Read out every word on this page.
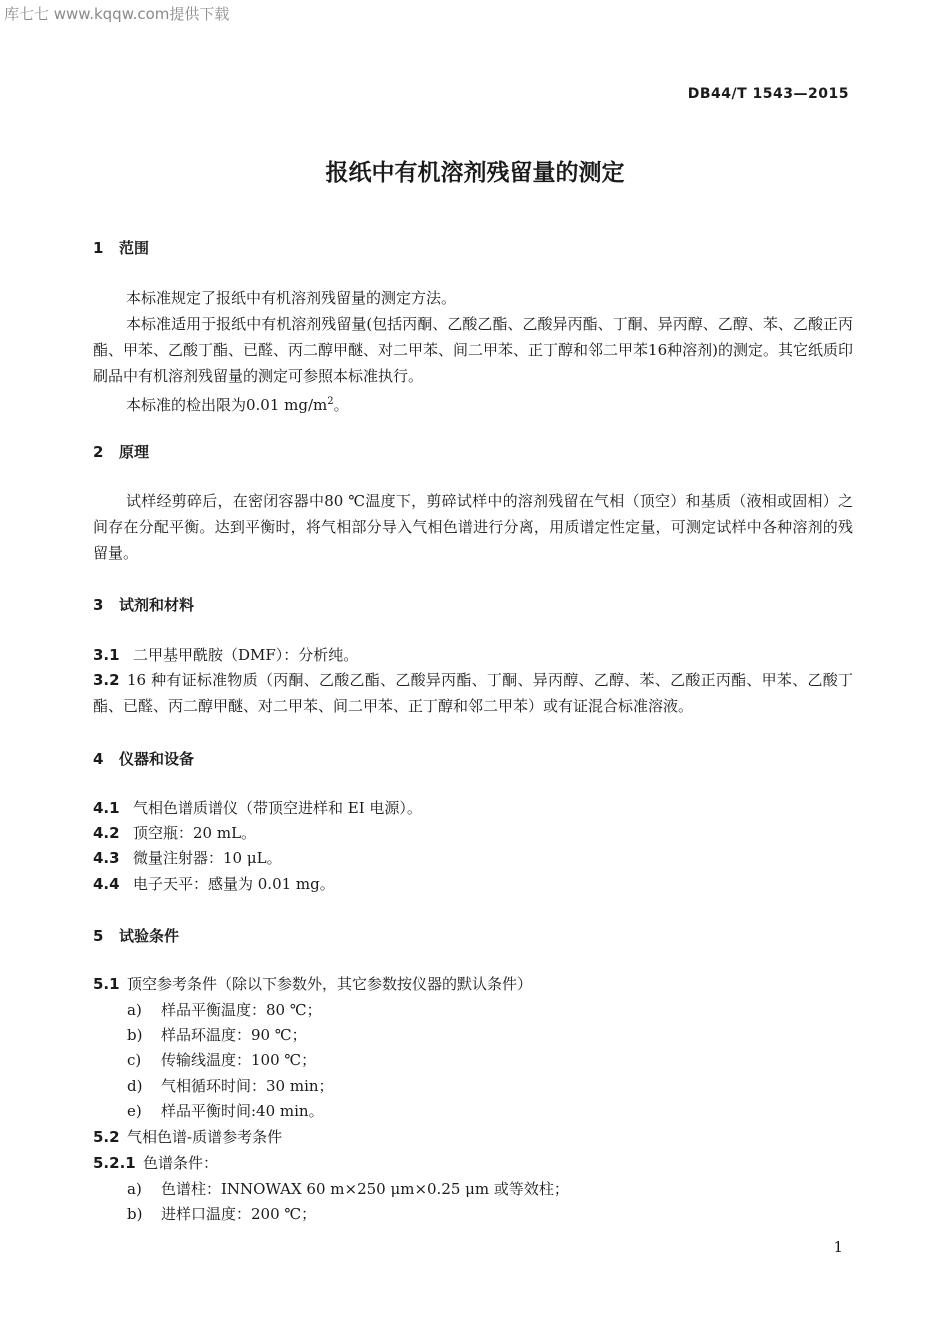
库七七 www.kqqw.com提供下载
DB44/T 1543—2015
报纸中有机溶剂残留量的测定
1 范围
本标准规定了报纸中有机溶剂残留量的测定方法。
本标准适用于报纸中有机溶剂残留量(包括丙酮、乙酸乙酯、乙酸异丙酯、丁酮、异丙醇、乙醇、苯、乙酸正丙酯、甲苯、乙酸丁酯、已醛、丙二醇甲醚、对二甲苯、间二甲苯、正丁醇和邻二甲苯16种溶剂)的测定。其它纸质印刷品中有机溶剂残留量的测定可参照本标准执行。
本标准的检出限为0.01 $mg/m^2$。
2 原理
试样经剪碎后，在密闭容器中80 ℃温度下，剪碎试样中的溶剂残留在气相（顶空）和基质（液相或固相）之间存在分配平衡。达到平衡时，将气相部分导入气相色谱进行分离，用质谱定性定量，可测定试样中各种溶剂的残留量。
3 试剂和材料
3.1 二甲基甲酰胺（DMF）：分析纯。
3.2 16 种有证标准物质（丙酮、乙酸乙酯、乙酸异丙酯、丁酮、异丙醇、乙醇、苯、乙酸正丙酯、甲苯、乙酸丁酯、已醛、丙二醇甲醚、对二甲苯、间二甲苯、正丁醇和邻二甲苯）或有证混合标准溶液。
4 仪器和设备
4.1 气相色谱质谱仪（带顶空进样和 EI 电源）。
4.2 顶空瓶：20 mL。
4.3 微量注射器：10 μL。
4.4 电子天平：感量为 0.01 mg。
5 试验条件
5.1 顶空参考条件（除以下参数外，其它参数按仪器的默认条件）
a) 样品平衡温度：80 ℃；
b) 样品环温度：90 ℃；
c) 传输线温度：100 ℃；
d) 气相循环时间：30 min；
e) 样品平衡时间:40 min。
5.2 气相色谱-质谱参考条件
5.2.1 色谱条件：
a) 色谱柱：INNOWAX 60 m×250 μm×0.25 μm 或等效柱；
b) 进样口温度：200 ℃；
1
